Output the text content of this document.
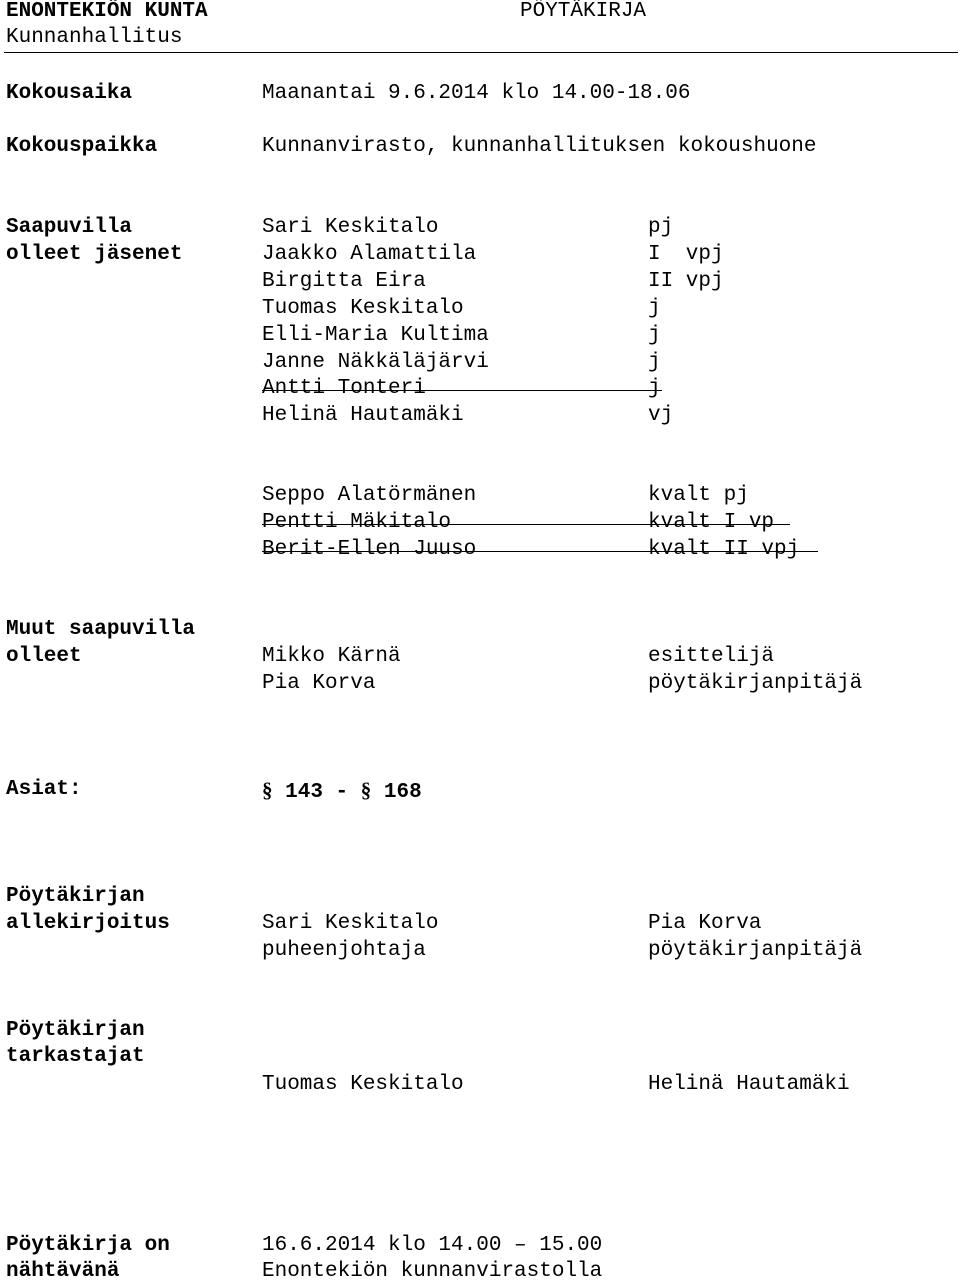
ENONTEKIÖN KUNTA	PÖYTÄKIRJA
Kunnanhallitus
Kokousaika	Maanantai 9.6.2014 klo 14.00-18.06
Kokouspaikka	Kunnanvirasto, kunnanhallituksen kokoushuone
Saapuvilla
olleet jäsenet
Sari Keskitalo	pj
Jaakko Alamattila	I  vpj
Birgitta Eira	II vpj
Tuomas Keskitalo	j
Elli-Maria Kultima	j
Janne Näkkäläjärvi	j
Antti Tonteri	j
Helinä Hautamäki	vj
Seppo Alatörmänen	kvalt pj
Pentti Mäkitalo	kvalt I vp
Berit-Ellen Juuso	kvalt II vpj
Muut saapuvilla
olleet	Mikko Kärnä	esittelijä
Pia Korva	pöytäkirjanpitäjä
Asiat:	§ 143 - § 168
Pöytäkirjan
allekirjoitus	Sari Keskitalo	Pia Korva
puheenjohtaja	pöytäkirjanpitäjä
Pöytäkirjan
tarkastajat
Tuomas Keskitalo	Helinä Hautamäki
Pöytäkirja on
nähtävänä
16.6.2014 klo 14.00 – 15.00
Enontekiön kunnanvirastolla
